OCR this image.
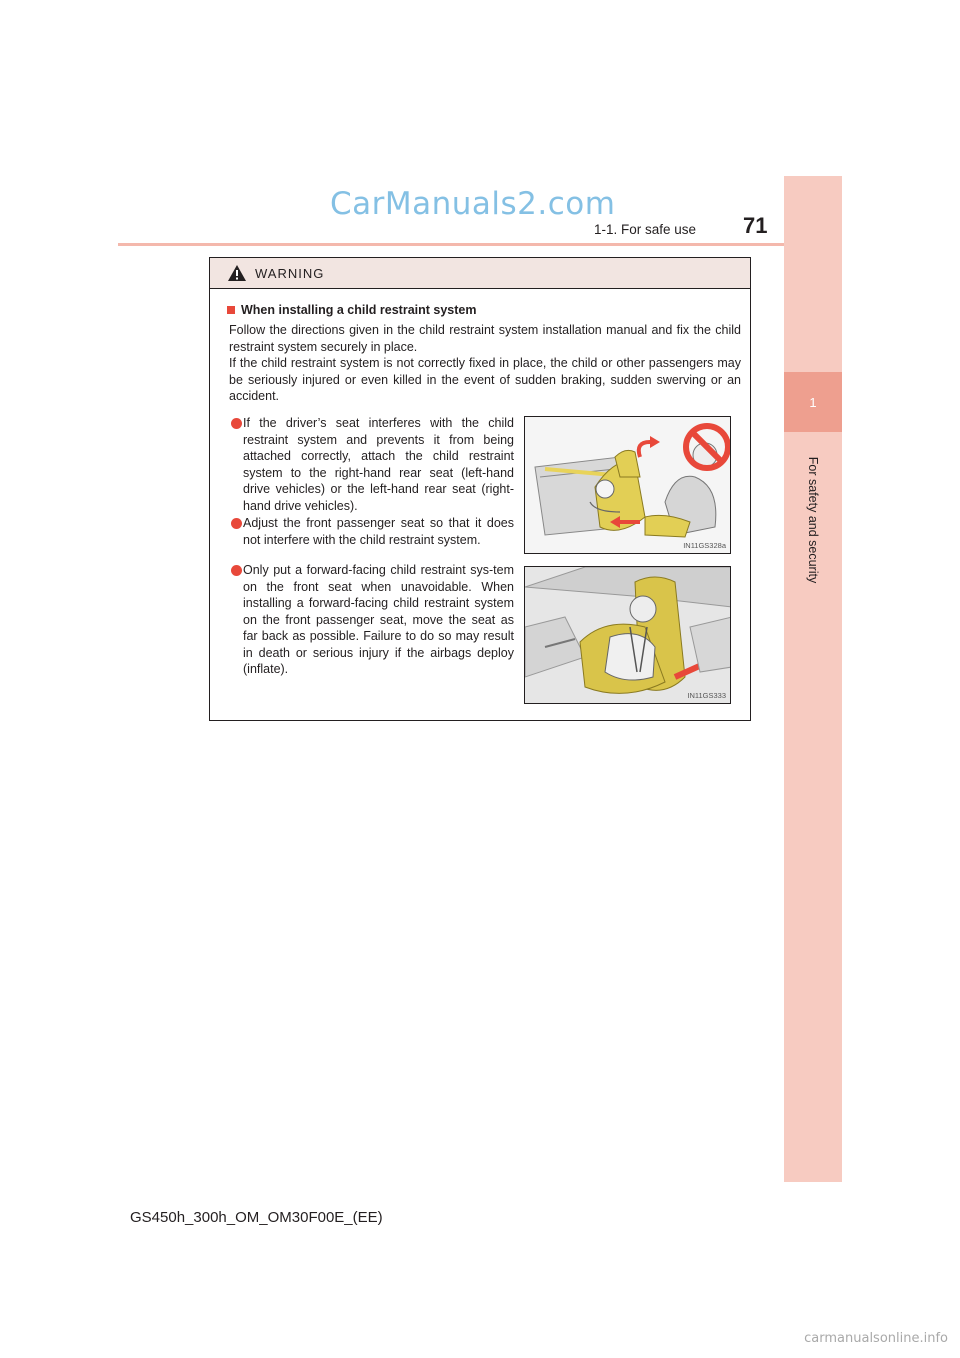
CarManuals2.com
1-1. For safe use 71
1
For safety and security
WARNING
When installing a child restraint system
Follow the directions given in the child restraint system installation manual and fix the child restraint system securely in place.
If the child restraint system is not correctly fixed in place, the child or other passengers may be seriously injured or even killed in the event of sudden braking, sudden swerving or an accident.
If the driver’s seat interferes with the child restraint system and prevents it from being attached correctly, attach the child restraint system to the right-hand rear seat (left-hand drive vehicles) or the left-hand rear seat (right-hand drive vehicles).
Adjust the front passenger seat so that it does not interfere with the child restraint system.
Only put a forward-facing child restraint sys-tem on the front seat when unavoidable. When installing a forward-facing child restraint system on the front passenger seat, move the seat as far back as possible. Failure to do so may result in death or serious injury if the airbags deploy (inflate).
IN11GS328a
IN11GS333
GS450h_300h_OM_OM30F00E_(EE)
carmanualsonline.info
